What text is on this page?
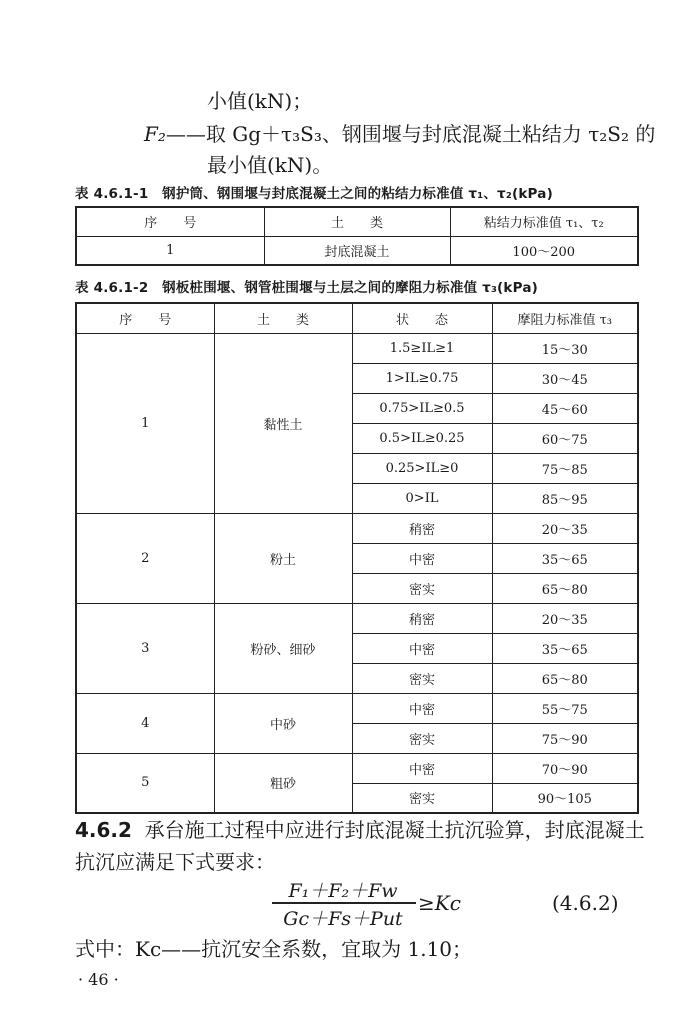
小值(kN)；
F₂——取 Gg＋τ₃S₃、钢围堰与封底混凝土粘结力 τ₂S₂ 的
最小值(kN)。
表 4.6.1-1　钢护筒、钢围堰与封底混凝土之间的粘结力标准值 τ₁、τ₂(kPa)
序　　号	土　　类	粘结力标准值 τ₁、τ₂
1	封底混凝土	100～200
表 4.6.1-2　钢板桩围堰、钢管桩围堰与土层之间的摩阻力标准值 τ₃(kPa)
序　　号	土　　类	状　　态	摩阻力标准值 τ₃
1	黏性土	1.5≥IL≥1	15～30
		1>IL≥0.75	30～45
		0.75>IL≥0.5	45～60
		0.5>IL≥0.25	60～75
		0.25>IL≥0	75～85
		0>IL	85～95
2	粉土	稍密	20～35
		中密	35～65
		密实	65～80
3	粉砂、细砂	稍密	20～35
		中密	35～65
		密实	65～80
4	中砂	中密	55～75
		密实	75～90
5	粗砂	中密	70～90
		密实	90～105
4.6.2 承台施工过程中应进行封底混凝土抗沉验算，封底混凝土
抗沉应满足下式要求：
F₁＋F₂＋Fw
Gc＋Fs＋Put
≥Kc	(4.6.2)
式中：Kc——抗沉安全系数，宜取为 1.10；
· 46 ·
